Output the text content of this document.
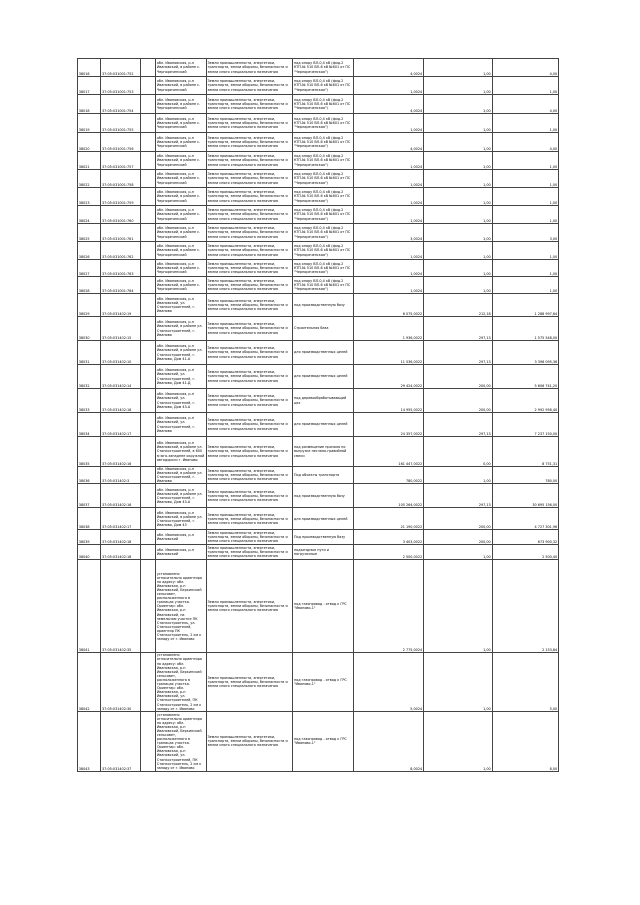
38016	37:05:031001:752		обл. Ивановская, р-н Ивановский, в районе с. Чернореченский	Земли промышленности, энергетики, транспорта, земли обороны, безопасности и земли иного специального назначения	под опору ВЛ-0,4 кВ (фид.2 КТП-№ 510 ВЛ-6 кВ №601 от ПС "Чернореченская")	4,0024	1,00	4,00

38017	37:05:031001:753		обл. Ивановская, р-н Ивановский, в районе с. Чернореченский	Земли промышленности, энергетики, транспорта, земли обороны, безопасности и земли иного специального назначения	под опору ВЛ-0,4 кВ (фид.2 КТП-№ 510 ВЛ-6 кВ №601 от ПС "Чернореченская")	1,0024	1,00	1,00

38018	37:05:031001:754		обл. Ивановская, р-н Ивановский, в районе с. Чернореченский	Земли промышленности, энергетики, транспорта, земли обороны, безопасности и земли иного специального назначения	под опору ВЛ-0,4 кВ (фид.2 КТП-№ 510 ВЛ-6 кВ №601 от ПС "Чернореченская")	4,0024	1,00	4,00

38019	37:05:031001:755		обл. Ивановская, р-н Ивановский, в районе с. Чернореченский	Земли промышленности, энергетики, транспорта, земли обороны, безопасности и земли иного специального назначения	под опору ВЛ-0,4 кВ (фид.2 КТП-№ 510 ВЛ-6 кВ №601 от ПС "Чернореченская")	1,0024	1,00	1,00

38020	37:05:031001:756		обл. Ивановская, р-н Ивановский, в районе с. Чернореченский	Земли промышленности, энергетики, транспорта, земли обороны, безопасности и земли иного специального назначения	под опору ВЛ-0,4 кВ (фид.2 КТП-№ 510 ВЛ-6 кВ №601 от ПС "Чернореченская")	4,0024	1,00	4,00

38021	37:05:031001:757		обл. Ивановская, р-н Ивановский, в районе с. Чернореченский	Земли промышленности, энергетики, транспорта, земли обороны, безопасности и земли иного специального назначения	под опору ВЛ-0,4 кВ (фид.2 КТП-№ 510 ВЛ-6 кВ №601 от ПС "Чернореченская")	1,0024	1,00	1,00

38022	37:05:031001:758		обл. Ивановская, р-н Ивановский, в районе с. Чернореченский	Земли промышленности, энергетики, транспорта, земли обороны, безопасности и земли иного специального назначения	под опору ВЛ-0,4 кВ (фид.2 КТП-№ 510 ВЛ-6 кВ №601 от ПС "Чернореченская")	1,0024	1,00	1,00

38023	37:05:031001:759		обл. Ивановская, р-н Ивановский, в районе с. Чернореченский	Земли промышленности, энергетики, транспорта, земли обороны, безопасности и земли иного специального назначения	под опору ВЛ-0,4 кВ (фид.2 КТП-№ 510 ВЛ-6 кВ №601 от ПС "Чернореченская")	1,0024	1,00	1,00

38024	37:05:031001:760		обл. Ивановская, р-н Ивановский, в районе с. Чернореченский	Земли промышленности, энергетики, транспорта, земли обороны, безопасности и земли иного специального назначения	под опору ВЛ-0,4 кВ (фид.2 КТП-№ 510 ВЛ-6 кВ №601 от ПС "Чернореченская")	1,0024	1,00	1,00

38025	37:05:031001:761		обл. Ивановская, р-н Ивановский, в районе с. Чернореченский	Земли промышленности, энергетики, транспорта, земли обороны, безопасности и земли иного специального назначения	под опору ВЛ-0,4 кВ (фид.2 КТП-№ 510 ВЛ-6 кВ №601 от ПС "Чернореченская")	3,0024	1,00	3,00

38026	37:05:031001:762		обл. Ивановская, р-н Ивановский, в районе с. Чернореченский	Земли промышленности, энергетики, транспорта, земли обороны, безопасности и земли иного специального назначения	под опору ВЛ-0,4 кВ (фид.2 КТП-№ 510 ВЛ-6 кВ №601 от ПС "Чернореченская")	1,0024	1,00	1,00

38027	37:05:031001:763		обл. Ивановская, р-н Ивановский, в районе с. Чернореченский	Земли промышленности, энергетики, транспорта, земли обороны, безопасности и земли иного специального назначения	под опору ВЛ-0,4 кВ (фид.2 КТП-№ 510 ВЛ-6 кВ №601 от ПС "Чернореченская")	1,0024	1,00	1,00

38028	37:05:031001:764		обл. Ивановская, р-н Ивановский, в районе с. Чернореченский	Земли промышленности, энергетики, транспорта, земли обороны, безопасности и земли иного специального назначения	под опору ВЛ-0,4 кВ (фид.2 КТП-№ 510 ВЛ-6 кВ №601 от ПС "Чернореченская")	1,0024	1,00	1,00

38029	37:05:031402:19		обл. Ивановская, р-н Ивановский, ул. Станкостроителей, г. Иваново	Земли промышленности, энергетики, транспорта, земли обороны, безопасности и земли иного специального назначения	под производственную базу	6 075,0022	212,18	1 288 997,64

38030	37:05:031402:15		обл. Ивановская, р-н Ивановский, в районе ул. Станкостроителей, г. Иваново	Земли промышленности, энергетики, транспорта, земли обороны, безопасности и земли иного специального назначения	Строительная база	1 936,0022	297,13	1 575 548,00

38031	37:05:031402:10		обл. Ивановская, р-н Ивановский, в районе ул. Станкостроителей, г. Иваново, Дом 41-А	Земли промышленности, энергетики, транспорта, земли обороны, безопасности и земли иного специального назначения	для производственных целей	11 536,0022	297,13	3 398 095,36

38032	37:05:031402:14		обл. Ивановская, р-н Ивановский, ул. Станкостроителей, г. Иваново, Дом 41-Д	Земли промышленности, энергетики, транспорта, земли обороны, безопасности и земли иного специального назначения	для производственных целей	29 424,0022	200,00	5 606 741,20

38033	37:05:031402:16		обл. Ивановская, р-н Ивановский, ул. Станкостроителей, г. Иваново, Дом 43-А	Земли промышленности, энергетики, транспорта, земли обороны, безопасности и земли иного специального назначения	под деревообрабатывающий цех	14 955,0022	200,00	2 992 956,40

38034	37:05:031402:17		обл. Ивановская, р-н Ивановский, ул. Станкостроителей, г. Иваново	Земли промышленности, энергетики, транспорта, земли обороны, безопасности и земли иного специального назначения	для производственных целей	24 357,0022	297,13	7 237 150,00

38035	37:05:031402:16		обл. Ивановская, р-н Ивановский, в районе ул. Станкостроителей, в 600 м юго-западнее окружной автодороги г. Иваново	Земли промышленности, энергетики, транспорта, земли обороны, безопасности и земли иного специального назначения	под размещение причала по выгрузке песчано-гравийной смеси	161 447,0022	0,00	8 751,31

38036	37:05:031402:3		обл. Ивановская, р-н Ивановский, в районе ул. Станкостроителей, г. Иваново	Земли промышленности, энергетики, транспорта, земли обороны, безопасности и земли иного специального назначения	Под объекты транспорта	780,0022	1,00	780,00

38037	37:05:031402:16		обл. Ивановская, р-н Ивановский, в районе ул. Станкостроителей, г. Иваново, Дом 43-А	Земли промышленности, энергетики, транспорта, земли обороны, безопасности и земли иного специального назначения	под производственную базу	105 264,0022	297,13	30 695 156,00

38038	37:05:031402:17		обл. Ивановская, р-н Ивановский, в районе ул. Станкостроителей, г. Иваново, Дом 43	Земли промышленности, энергетики, транспорта, земли обороны, безопасности и земли иного специального назначения	для производственных целей	21 190,0022	200,00	4 727 301,96

38039	37:05:031402:18		обл. Ивановская, р-н Ивановский	Земли промышленности, энергетики, транспорта, земли обороны, безопасности и земли иного специального назначения	Под производственную базу	3 403,0022	200,00	673 900,32

38040	37:05:031402:18		обл. Ивановская, р-н Ивановский	Земли промышленности, энергетики, транспорта, земли обороны, безопасности и земли иного специального назначения	подъездные пути и погрузочные	2 500,0022	1,00	2 500,40

38041	37:05:031402:35		установлено относительно ориентира по адресу: обл. Ивановская, р-н Ивановский, Беркинский сельсовет, расположенного в границах участка. Ориентир: обл. Ивановская, р-н Ивановский, на земельном участке ПК Станкостроитель, ул. Станкостроителей, ориентир ПК Станкостроитель, 2 км к западу от г. Иваново	Земли промышленности, энергетики, транспорта, земли обороны, безопасности и земли иного специального назначения	под газопровод - отвод к ГРС "Иваново-1"	2 775,0024	1,00	2 153,84

38042	37:05:031402:30		установлено относительно ориентира по адресу: обл. Ивановская, р-н Ивановский, Беркинский сельсовет, расположенного в границах участка. Ориентир: обл. Ивановская, р-н Ивановский, ул. Станкостроителей, ПК Станкостроитель, 2 км к западу от г. Иваново	Земли промышленности, энергетики, транспорта, земли обороны, безопасности и земли иного специального назначения	под газопровод - отвод к ГРС "Иваново-1"	5,0024	1,00	5,00

38043	37:05:031402:37		установлено относительно ориентира по адресу: обл. Ивановская, р-н Ивановский, Беркинский сельсовет, расположенного в границах участка. Ориентир: обл. Ивановская, р-н Ивановский, ул. Станкостроителей, ПК Станкостроитель, 2 км к западу от г. Иваново	Земли промышленности, энергетики, транспорта, земли обороны, безопасности и земли иного специального назначения	под газопровод - отвод к ГРС "Иваново-1"	8,0024	1,00	8,00
